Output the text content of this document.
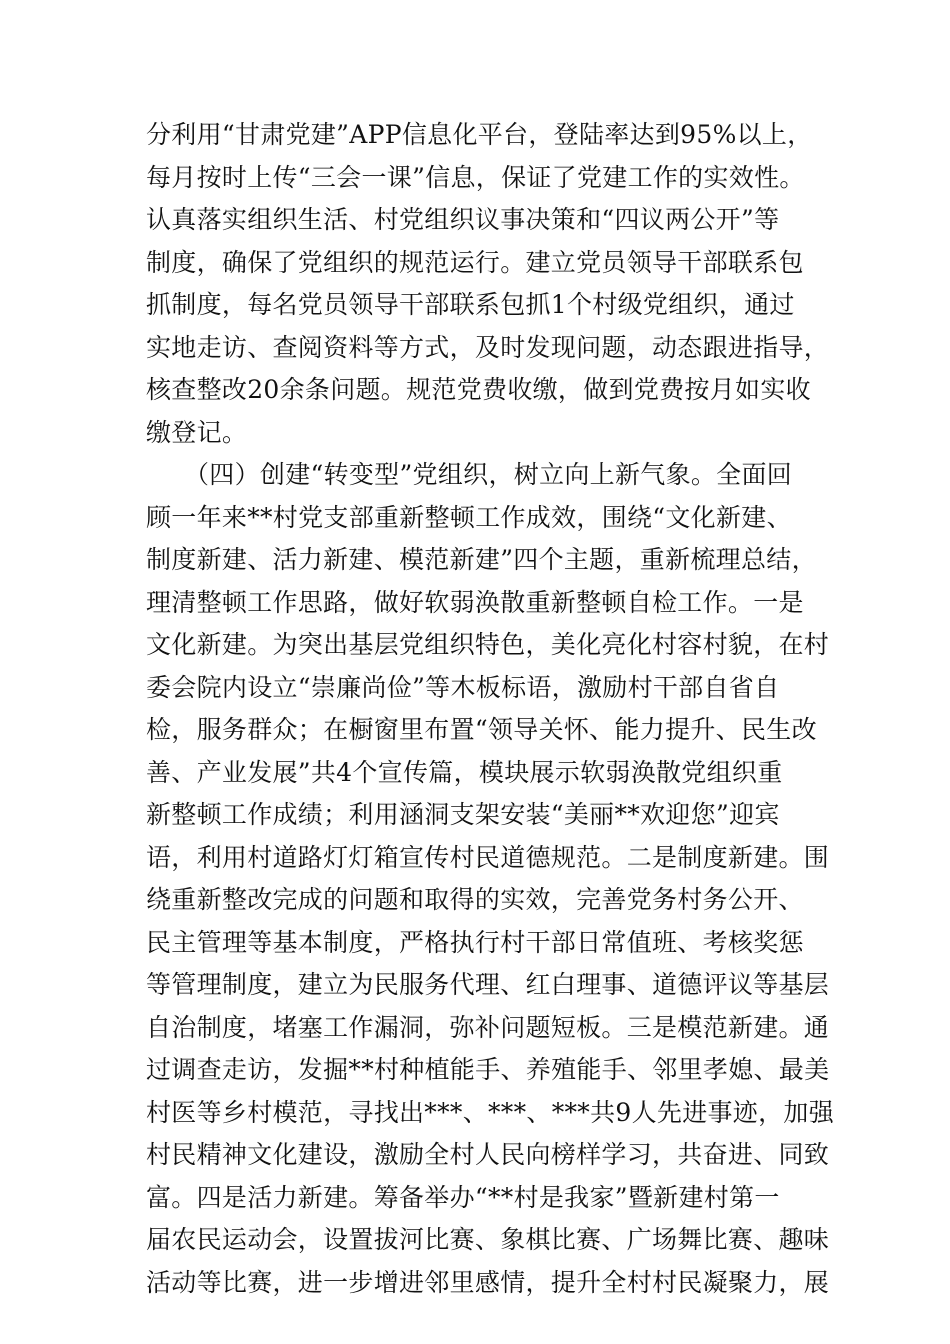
分利用“甘肃党建”APP信息化平台，登陆率达到95%以上，
每月按时上传“三会一课”信息，保证了党建工作的实效性。
认真落实组织生活、村党组织议事决策和“四议两公开”等
制度，确保了党组织的规范运行。建立党员领导干部联系包
抓制度，每名党员领导干部联系包抓1个村级党组织，通过
实地走访、查阅资料等方式，及时发现问题，动态跟进指导，
核查整改20余条问题。规范党费收缴，做到党费按月如实收
缴登记。
（四）创建“转变型”党组织，树立向上新气象。全面回
顾一年来**村党支部重新整顿工作成效，围绕“文化新建、
制度新建、活力新建、模范新建”四个主题，重新梳理总结，
理清整顿工作思路，做好软弱涣散重新整顿自检工作。一是
文化新建。为突出基层党组织特色，美化亮化村容村貌，在村
委会院内设立“崇廉尚俭”等木板标语，激励村干部自省自
检，服务群众；在橱窗里布置“领导关怀、能力提升、民生改
善、产业发展”共4个宣传篇，模块展示软弱涣散党组织重
新整顿工作成绩；利用涵洞支架安装“美丽**欢迎您”迎宾
语，利用村道路灯灯箱宣传村民道德规范。二是制度新建。围
绕重新整改完成的问题和取得的实效，完善党务村务公开、
民主管理等基本制度，严格执行村干部日常值班、考核奖惩
等管理制度，建立为民服务代理、红白理事、道德评议等基层
自治制度，堵塞工作漏洞，弥补问题短板。三是模范新建。通
过调查走访，发掘**村种植能手、养殖能手、邻里孝媳、最美
村医等乡村模范，寻找出***、***、***共9人先进事迹，加强
村民精神文化建设，激励全村人民向榜样学习，共奋进、同致
富。四是活力新建。筹备举办“**村是我家”暨新建村第一
届农民运动会，设置拔河比赛、象棋比赛、广场舞比赛、趣味
活动等比赛，进一步增进邻里感情，提升全村村民凝聚力，展
